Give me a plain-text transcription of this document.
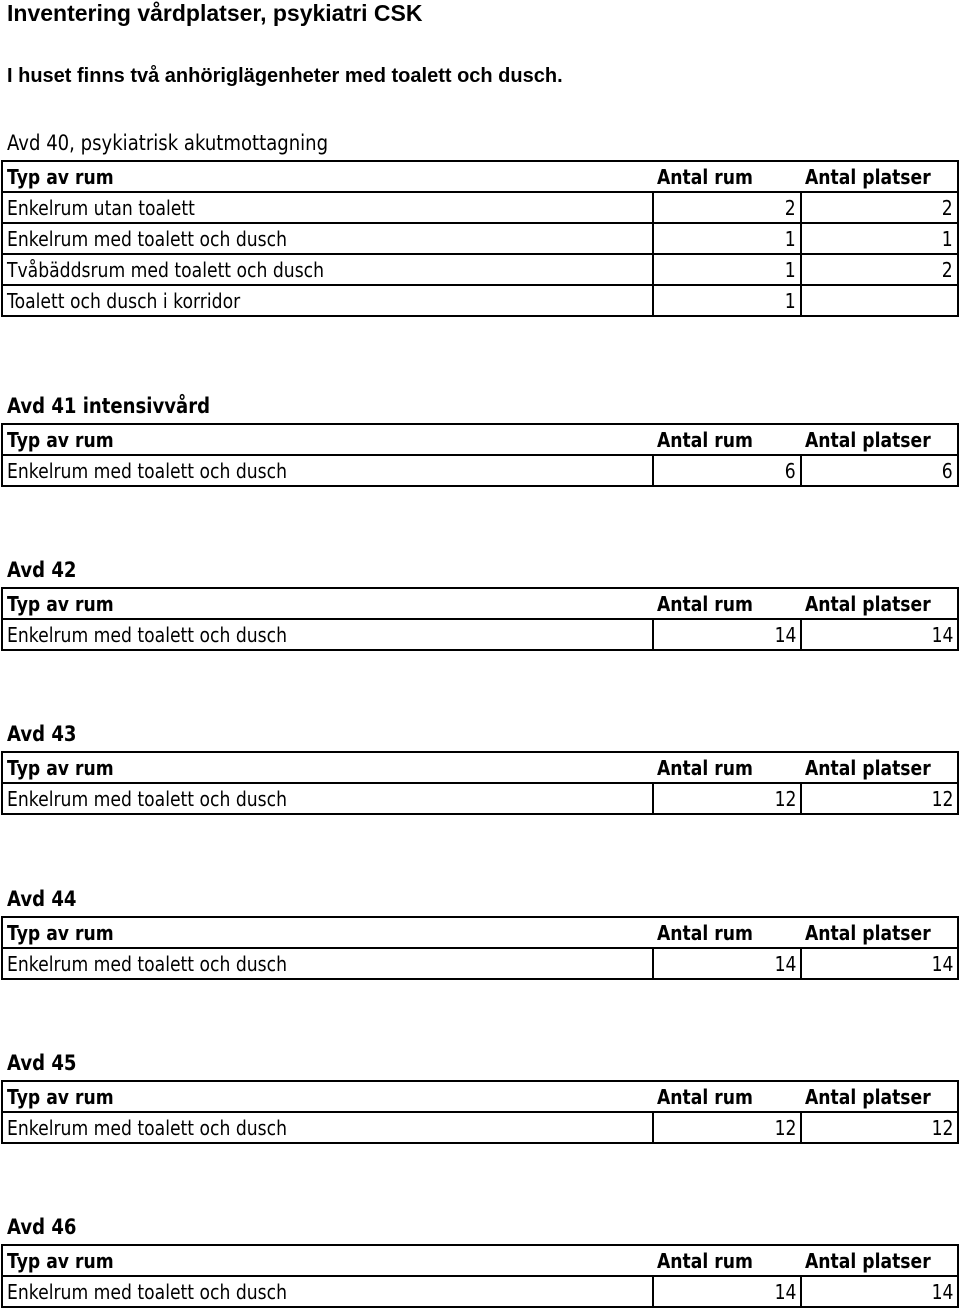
Inventering vårdplatser, psykiatri CSK
I huset finns två anhöriglägenheter med toalett och dusch.
Avd 40, psykiatrisk akutmottagning
Typ av rum	Antal rum	Antal platser
Enkelrum utan toalett	2	2
Enkelrum med toalett och dusch	1	1
Tvåbäddsrum med toalett och dusch	1	2
Toalett och dusch i korridor	1	
Avd 41 intensivvård
Typ av rum	Antal rum	Antal platser
Enkelrum med toalett och dusch	6	6
Avd 42
Typ av rum	Antal rum	Antal platser
Enkelrum med toalett och dusch	14	14
Avd 43
Typ av rum	Antal rum	Antal platser
Enkelrum med toalett och dusch	12	12
Avd 44
Typ av rum	Antal rum	Antal platser
Enkelrum med toalett och dusch	14	14
Avd 45
Typ av rum	Antal rum	Antal platser
Enkelrum med toalett och dusch	12	12
Avd 46
Typ av rum	Antal rum	Antal platser
Enkelrum med toalett och dusch	14	14
